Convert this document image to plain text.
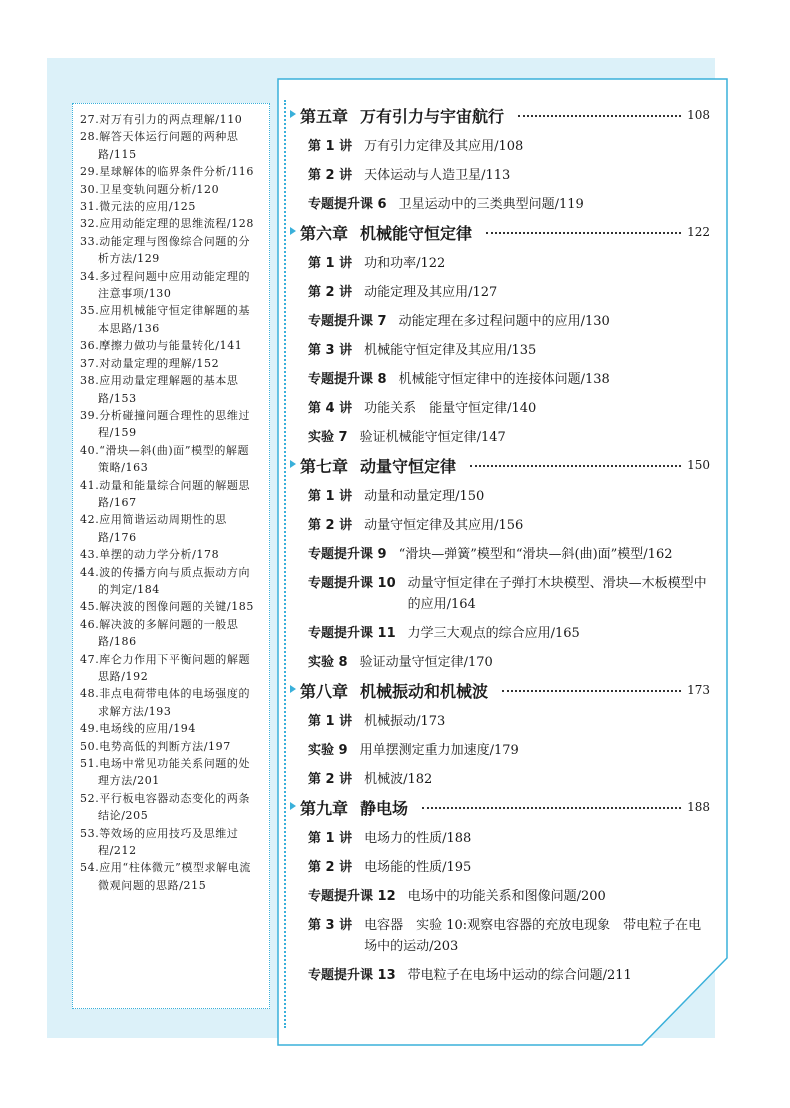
27.对万有引力的两点理解/110
28.解答天体运行问题的两种思
路/115
29.星球解体的临界条件分析/116
30.卫星变轨问题分析/120
31.微元法的应用/125
32.应用动能定理的思维流程/128
33.动能定理与图像综合问题的分
析方法/129
34.多过程问题中应用动能定理的
注意事项/130
35.应用机械能守恒定律解题的基
本思路/136
36.摩擦力做功与能量转化/141
37.对动量定理的理解/152
38.应用动量定理解题的基本思
路/153
39.分析碰撞问题合理性的思维过
程/159
40.“滑块—斜(曲)面”模型的解题
策略/163
41.动量和能量综合问题的解题思
路/167
42.应用简谐运动周期性的思
路/176
43.单摆的动力学分析/178
44.波的传播方向与质点振动方向
的判定/184
45.解决波的图像问题的关键/185
46.解决波的多解问题的一般思
路/186
47.库仑力作用下平衡问题的解题
思路/192
48.非点电荷带电体的电场强度的
求解方法/193
49.电场线的应用/194
50.电势高低的判断方法/197
51.电场中常见功能关系问题的处
理方法/201
52.平行板电容器动态变化的两条
结论/205
53.等效场的应用技巧及思维过
程/212
54.应用“柱体微元”模型求解电流
微观问题的思路/215
第五章 万有引力与宇宙航行	108
第 1 讲 万有引力定律及其应用/108
第 2 讲 天体运动与人造卫星/113
专题提升课 6 卫星运动中的三类典型问题/119
第六章 机械能守恒定律	122
第 1 讲 功和功率/122
第 2 讲 动能定理及其应用/127
专题提升课 7 动能定理在多过程问题中的应用/130
第 3 讲 机械能守恒定律及其应用/135
专题提升课 8 机械能守恒定律中的连接体问题/138
第 4 讲 功能关系　能量守恒定律/140
实验 7 验证机械能守恒定律/147
第七章 动量守恒定律	150
第 1 讲 动量和动量定理/150
第 2 讲 动量守恒定律及其应用/156
专题提升课 9 “滑块—弹簧”模型和“滑块—斜(曲)面”模型/162
专题提升课 10 动量守恒定律在子弹打木块模型、滑块—木板模型中的应用/164
专题提升课 11 力学三大观点的综合应用/165
实验 8 验证动量守恒定律/170
第八章 机械振动和机械波	173
第 1 讲 机械振动/173
实验 9 用单摆测定重力加速度/179
第 2 讲 机械波/182
第九章 静电场	188
第 1 讲 电场力的性质/188
第 2 讲 电场能的性质/195
专题提升课 12 电场中的功能关系和图像问题/200
第 3 讲 电容器　实验 10:观察电容器的充放电现象　带电粒子在电场中的运动/203
专题提升课 13 带电粒子在电场中运动的综合问题/211
